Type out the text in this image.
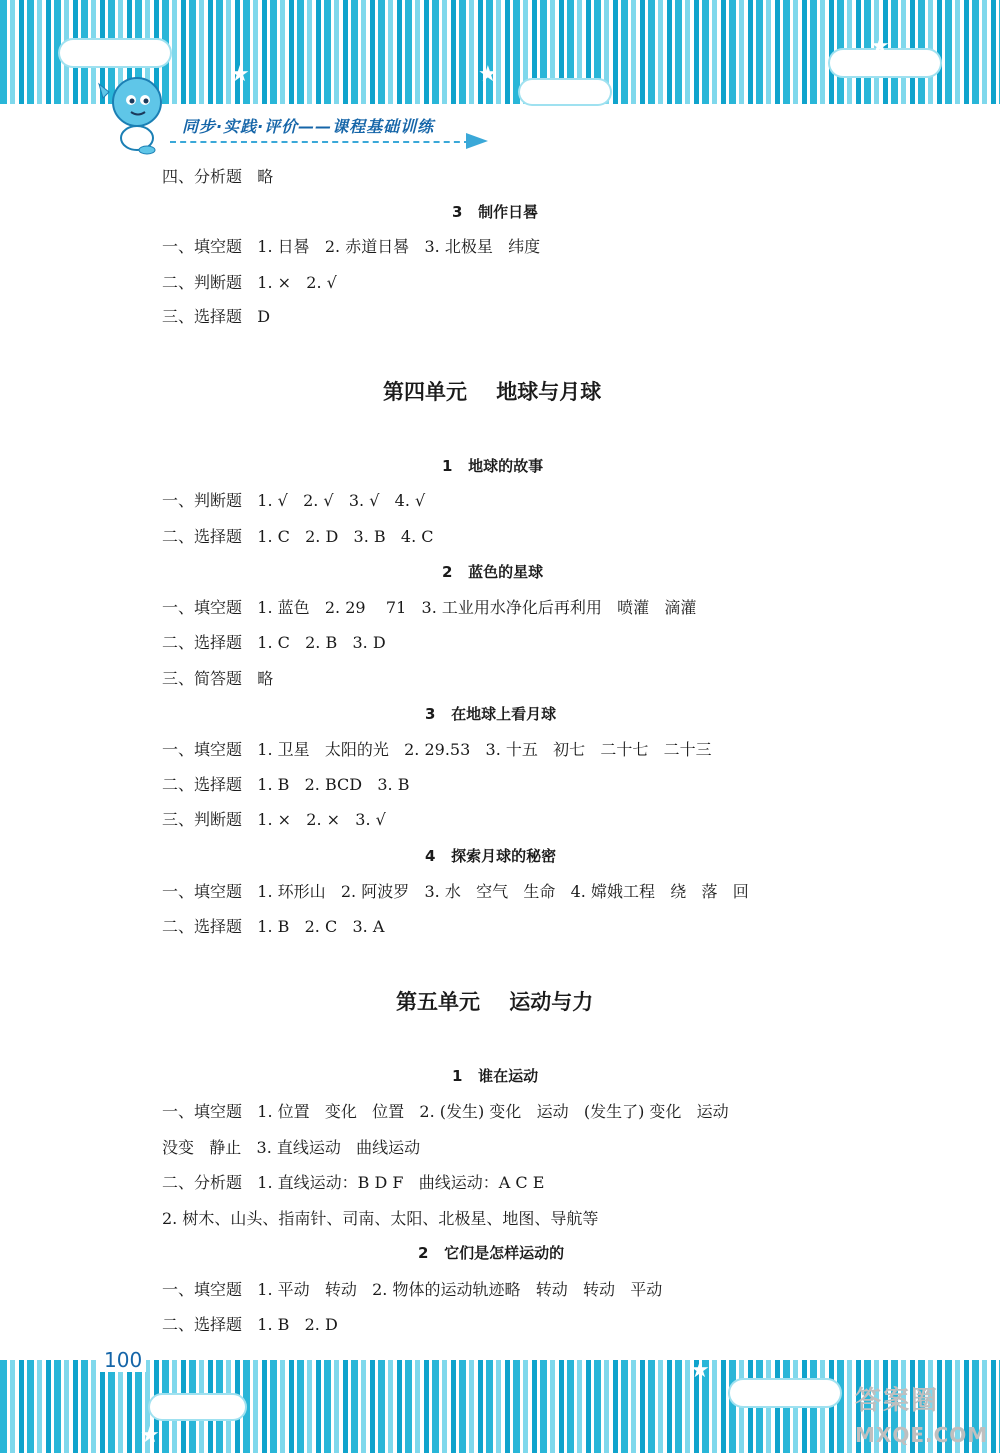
★	★
★
同步·实践·评价——课程基础训练
四、分析题   略
3   制作日晷
一、填空题   1. 日晷   2. 赤道日晷   3. 北极星   纬度
二、判断题   1. ×   2. √
三、选择题   D
第四单元    地球与月球
1   地球的故事
一、判断题   1. √   2. √   3. √   4. √
二、选择题   1. C   2. D   3. B   4. C
2   蓝色的星球
一、填空题   1. 蓝色   2. 29    71   3. 工业用水净化后再利用   喷灌   滴灌
二、选择题   1. C   2. B   3. D
三、简答题   略
3   在地球上看月球
一、填空题   1. 卫星   太阳的光   2. 29.53   3. 十五   初七   二十七   二十三
二、选择题   1. B   2. BCD   3. B
三、判断题   1. ×   2. ×   3. √
4   探索月球的秘密
一、填空题   1. 环形山   2. 阿波罗   3. 水   空气   生命   4. 嫦娥工程   绕   落   回
二、选择题   1. B   2. C   3. A
第五单元    运动与力
1   谁在运动
一、填空题   1. 位置   变化   位置   2. (发生) 变化   运动   (发生了) 变化   运动
没变   静止   3. 直线运动   曲线运动
二、分析题   1. 直线运动：B D F   曲线运动：A C E
2. 树木、山头、指南针、司南、太阳、北极星、地图、导航等
2   它们是怎样运动的
一、填空题   1. 平动   转动   2. 物体的运动轨迹略   转动   转动   平动
二、选择题   1. B   2. D
★
★
100
答案圈
MXQE.COM
